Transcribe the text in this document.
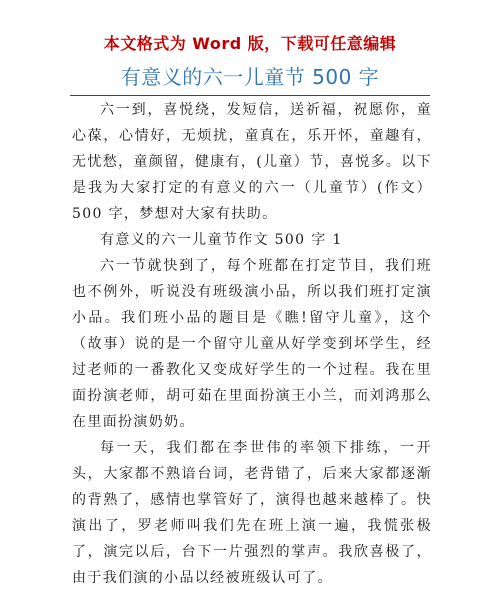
本文格式为 Word 版，下载可任意编辑
有意义的六一儿童节 500 字

六一到，喜悦绕，发短信，送祈福，祝愿你，童心葆，心情好，无烦扰，童真在，乐开怀，童趣有，无忧愁，童颜留，健康有，(儿童）节，喜悦多。以下是我为大家打定的有意义的六一（儿童节）(作文）500 字，梦想对大家有扶助。

有意义的六一儿童节作文 500 字 1

六一节就快到了，每个班都在打定节目，我们班也不例外，听说没有班级演小品，所以我们班打定演小品。我们班小品的题目是《瞧!留守儿童》，这个（故事）说的是一个留守儿童从好学变到坏学生，经过老师的一番教化又变成好学生的一个过程。我在里面扮演老师，胡可茹在里面扮演王小兰，而刘鸿那么在里面扮演奶奶。

每一天，我们都在李世伟的率领下排练，一开头，大家都不熟谙台词，老背错了，后来大家都逐渐的背熟了，感情也掌管好了，演得也越来越棒了。快演出了，罗老师叫我们先在班上演一遍，我慌张极了，演完以后，台下一片强烈的掌声。我欣喜极了，由于我们演的小品以经被班级认可了。
